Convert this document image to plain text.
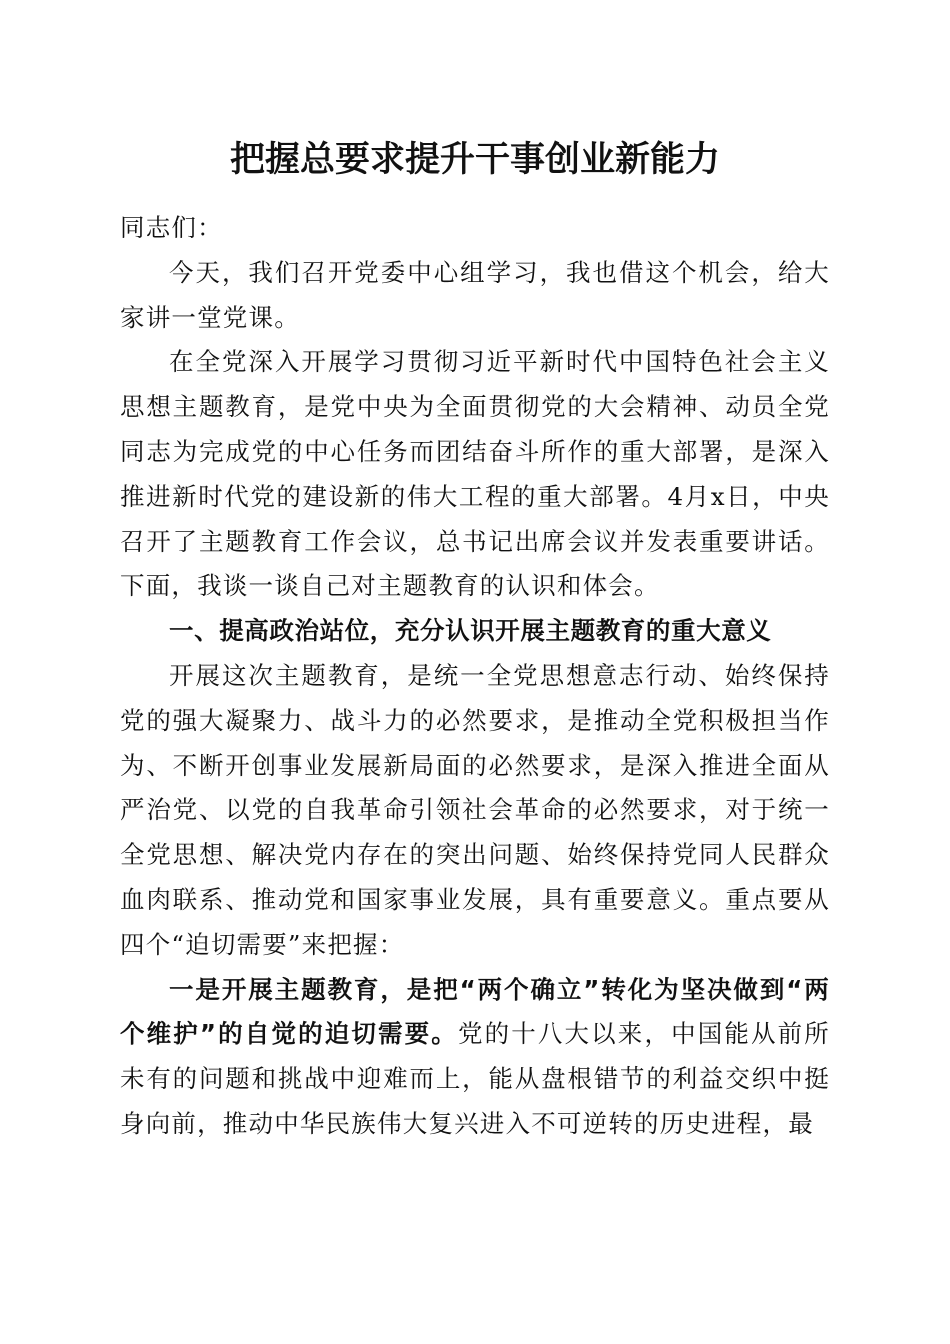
把握总要求提升干事创业新能力

同志们：

今天，我们召开党委中心组学习，我也借这个机会，给大家讲一堂党课。

在全党深入开展学习贯彻习近平新时代中国特色社会主义思想主题教育，是党中央为全面贯彻党的大会精神、动员全党同志为完成党的中心任务而团结奋斗所作的重大部署，是深入推进新时代党的建设新的伟大工程的重大部署。4月x日，中央召开了主题教育工作会议，总书记出席会议并发表重要讲话。下面，我谈一谈自己对主题教育的认识和体会。

一、提高政治站位，充分认识开展主题教育的重大意义

开展这次主题教育，是统一全党思想意志行动、始终保持党的强大凝聚力、战斗力的必然要求，是推动全党积极担当作为、不断开创事业发展新局面的必然要求，是深入推进全面从严治党、以党的自我革命引领社会革命的必然要求，对于统一全党思想、解决党内存在的突出问题、始终保持党同人民群众血肉联系、推动党和国家事业发展，具有重要意义。重点要从四个“迫切需要”来把握：

一是开展主题教育，是把“两个确立”转化为坚决做到“两个维护”的自觉的迫切需要。党的十八大以来，中国能从前所未有的问题和挑战中迎难而上，能从盘根错节的利益交织中挺身向前，推动中华民族伟大复兴进入不可逆转的历史进程，最
